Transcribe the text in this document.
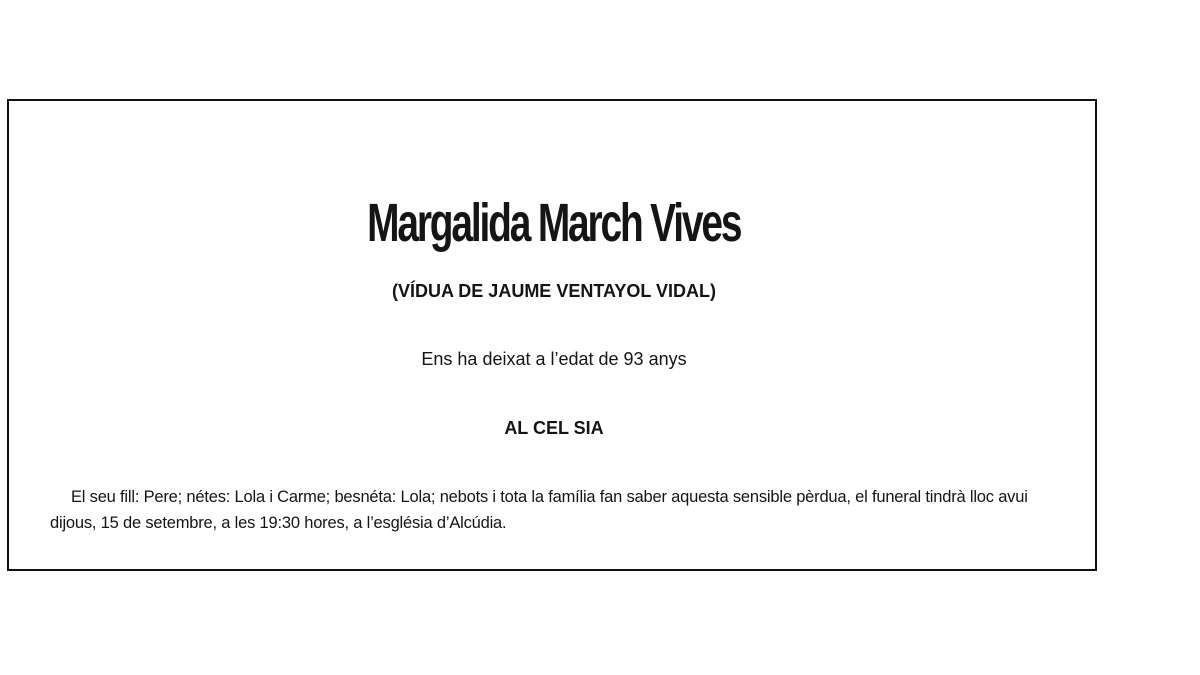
Margalida March Vives
(VÍDUA DE JAUME VENTAYOL VIDAL)
Ens ha deixat a l’edat de 93 anys
AL CEL SIA
El seu fill: Pere; nétes: Lola i Carme; besnéta: Lola; nebots i tota la família fan saber aquesta sensible pèrdua, el funeral tindrà lloc avui dijous, 15 de setembre, a les 19:30 hores, a l’església d’Alcúdia.
